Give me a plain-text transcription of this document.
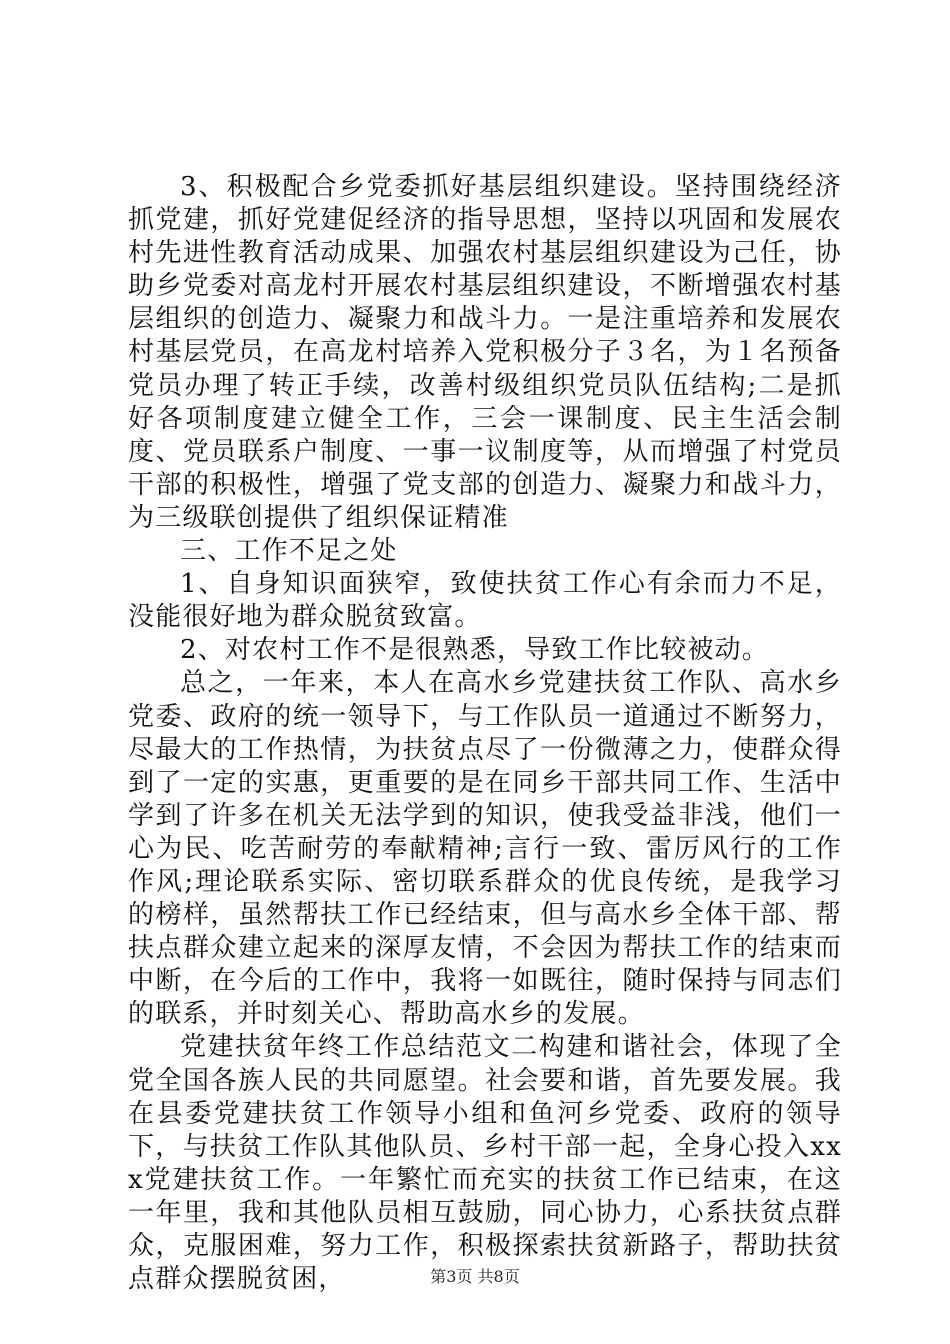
3、积极配合乡党委抓好基层组织建设。坚持围绕经济抓党建，抓好党建促经济的指导思想，坚持以巩固和发展农村先进性教育活动成果、加强农村基层组织建设为己任，协助乡党委对高龙村开展农村基层组织建设，不断增强农村基层组织的创造力、凝聚力和战斗力。一是注重培养和发展农村基层党员，在高龙村培养入党积极分子３名，为１名预备党员办理了转正手续，改善村级组织党员队伍结构;二是抓好各项制度建立健全工作，三会一课制度、民主生活会制度、党员联系户制度、一事一议制度等，从而增强了村党员干部的积极性，增强了党支部的创造力、凝聚力和战斗力，为三级联创提供了组织保证精准

三、工作不足之处

1、自身知识面狭窄，致使扶贫工作心有余而力不足，没能很好地为群众脱贫致富。

2、对农村工作不是很熟悉，导致工作比较被动。

总之，一年来，本人在高水乡党建扶贫工作队、高水乡党委、政府的统一领导下，与工作队员一道通过不断努力，尽最大的工作热情，为扶贫点尽了一份微薄之力，使群众得到了一定的实惠，更重要的是在同乡干部共同工作、生活中学到了许多在机关无法学到的知识，使我受益非浅，他们一心为民、吃苦耐劳的奉献精神;言行一致、雷厉风行的工作作风;理论联系实际、密切联系群众的优良传统，是我学习的榜样，虽然帮扶工作已经结束，但与高水乡全体干部、帮扶点群众建立起来的深厚友情，不会因为帮扶工作的结束而中断，在今后的工作中，我将一如既往，随时保持与同志们的联系，并时刻关心、帮助高水乡的发展。

党建扶贫年终工作总结范文二构建和谐社会，体现了全党全国各族人民的共同愿望。社会要和谐，首先要发展。我在县委党建扶贫工作领导小组和鱼河乡党委、政府的领导下，与扶贫工作队其他队员、乡村干部一起，全身心投入xxx党建扶贫工作。一年繁忙而充实的扶贫工作已结束，在这一年里，我和其他队员相互鼓励，同心协力，心系扶贫点群众，克服困难，努力工作，积极探索扶贫新路子，帮助扶贫点群众摆脱贫困，	第3页 共8页
